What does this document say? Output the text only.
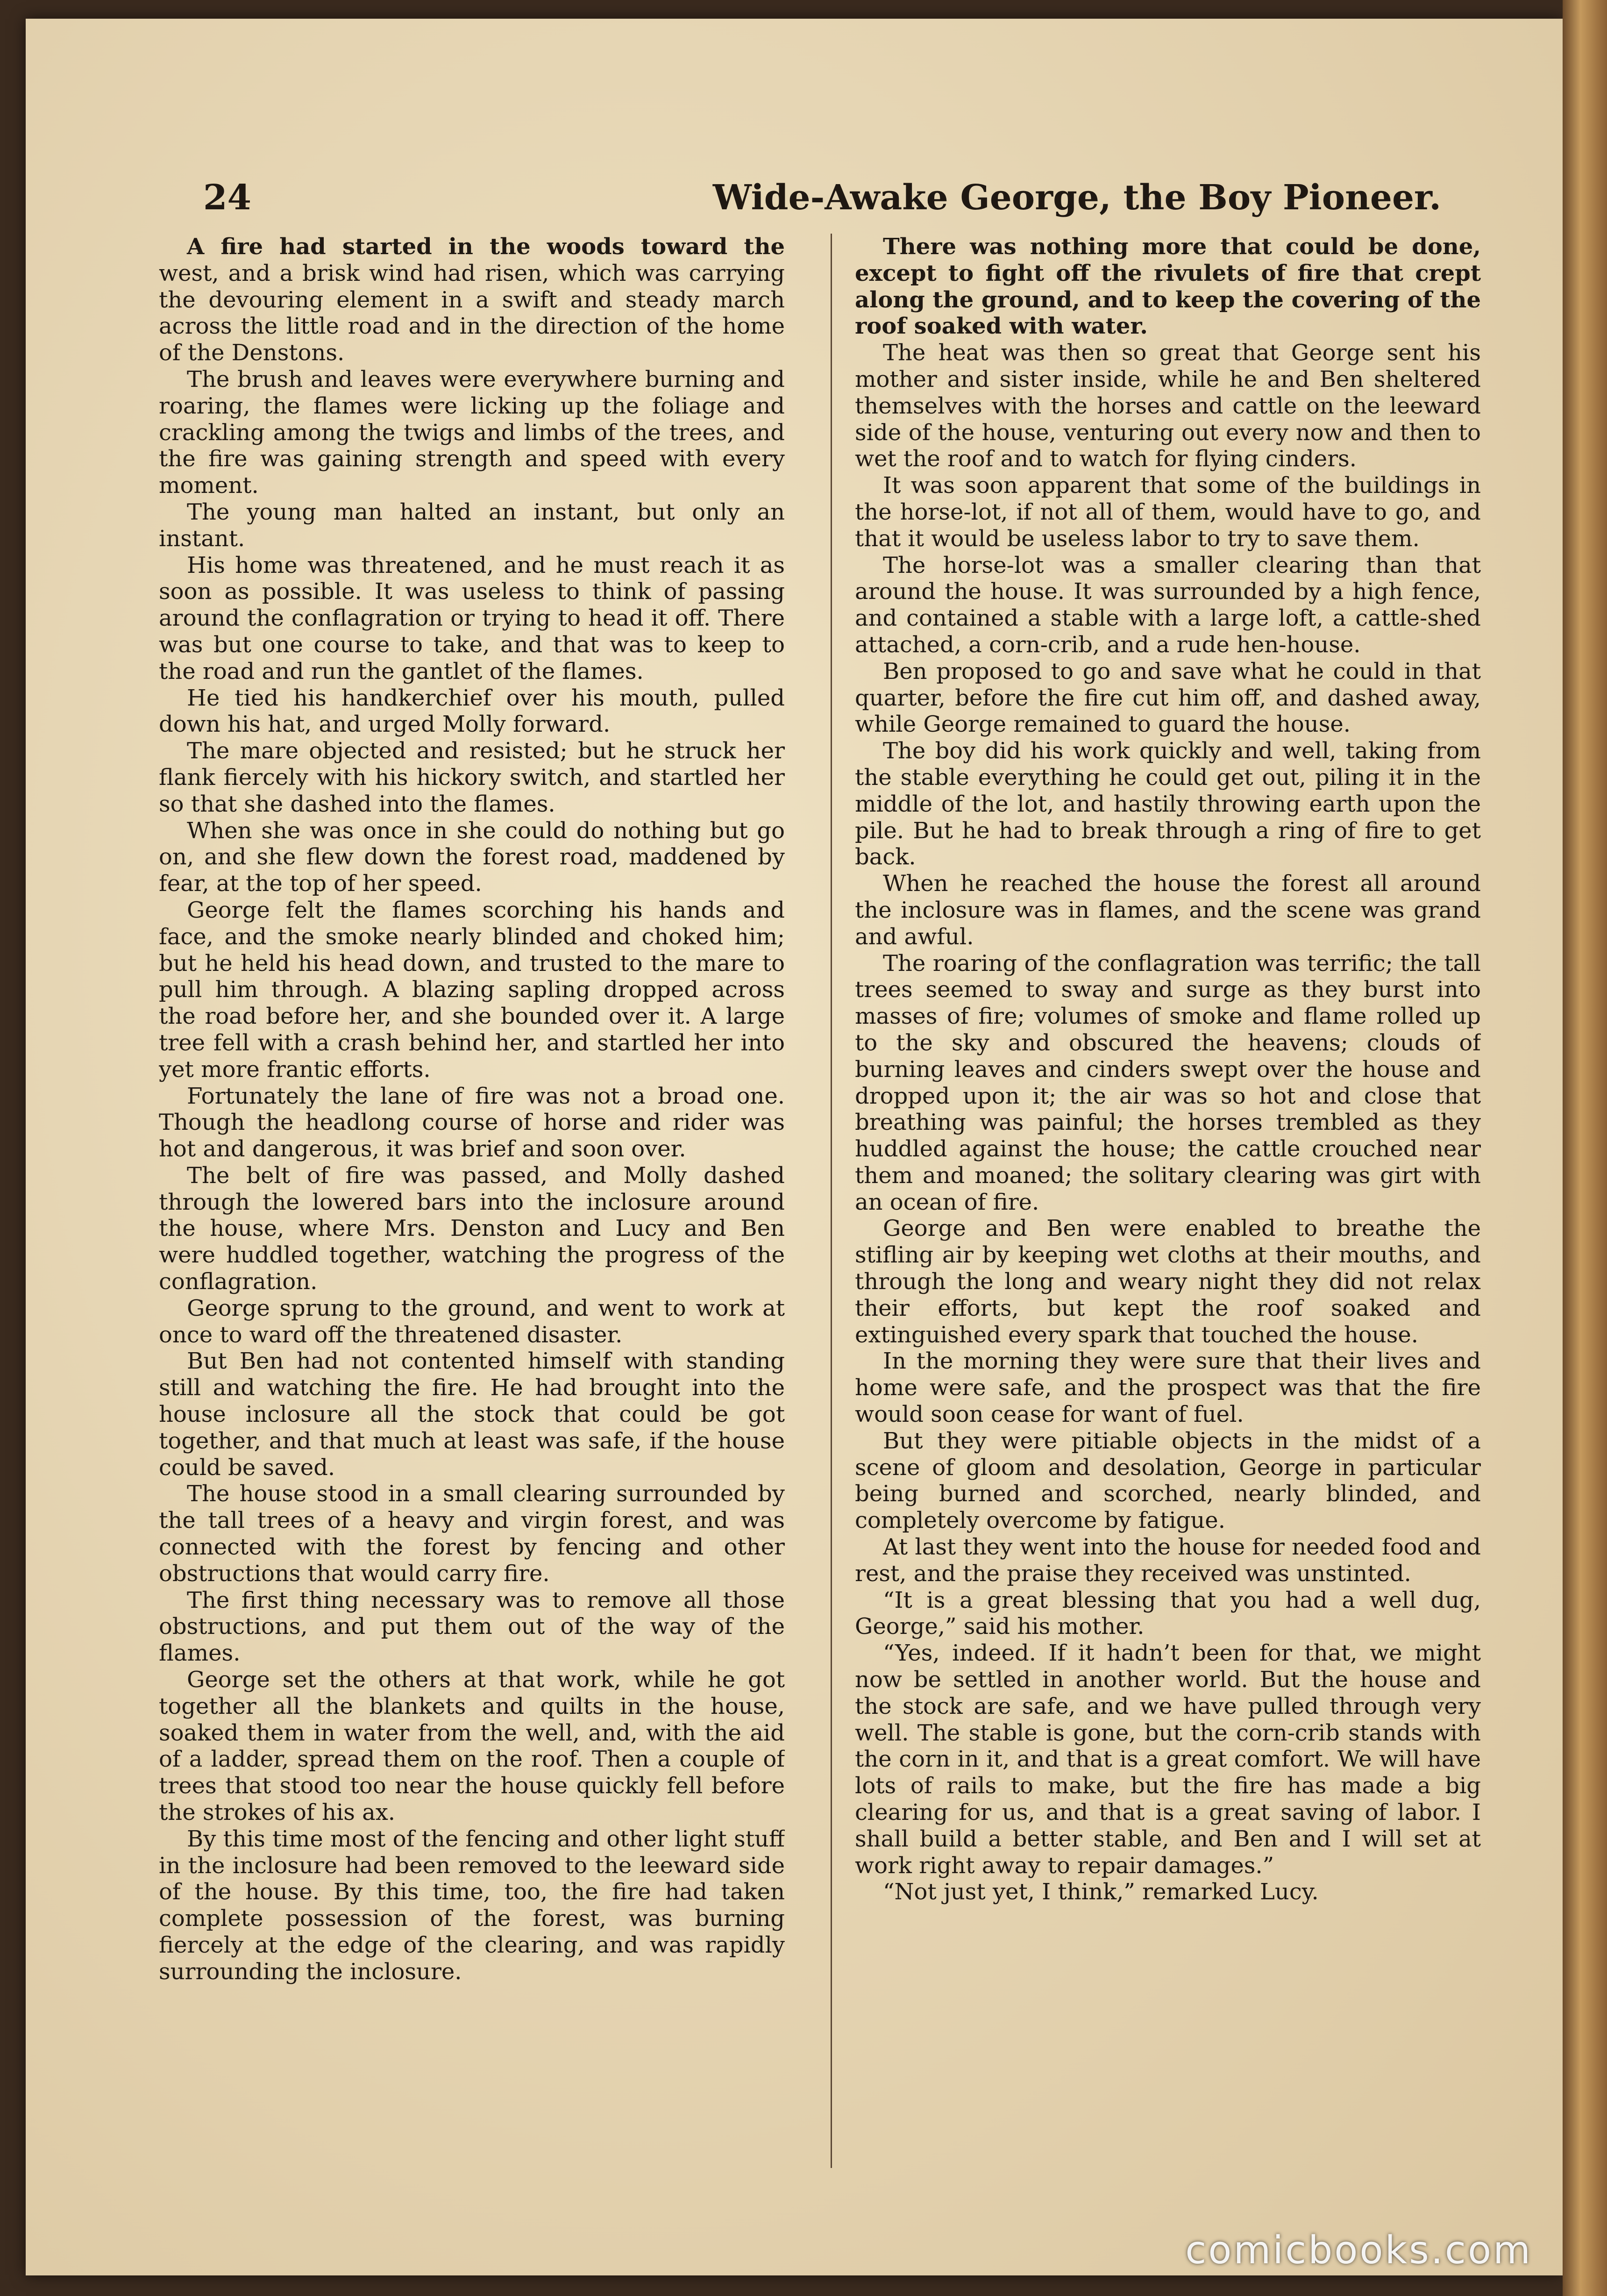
24	Wide-Awake George, the Boy Pioneer.

A fire had started in the woods toward the west, and a brisk wind had risen, which was carrying the devouring element in a swift and steady march across the little road and in the direction of the home of the Denstons.

The brush and leaves were everywhere burning and roaring, the flames were licking up the foliage and crackling among the twigs and limbs of the trees, and the fire was gaining strength and speed with every moment.

The young man halted an instant, but only an instant.

His home was threatened, and he must reach it as soon as possible. It was useless to think of passing around the conflagration or trying to head it off. There was but one course to take, and that was to keep to the road and run the gantlet of the flames.

He tied his handkerchief over his mouth, pulled down his hat, and urged Molly forward.

The mare objected and resisted; but he struck her flank fiercely with his hickory switch, and startled her so that she dashed into the flames.

When she was once in she could do nothing but go on, and she flew down the forest road, maddened by fear, at the top of her speed.

George felt the flames scorching his hands and face, and the smoke nearly blinded and choked him; but he held his head down, and trusted to the mare to pull him through. A blazing sapling dropped across the road before her, and she bounded over it. A large tree fell with a crash behind her, and startled her into yet more frantic efforts.

Fortunately the lane of fire was not a broad one. Though the headlong course of horse and rider was hot and dangerous, it was brief and soon over.

The belt of fire was passed, and Molly dashed through the lowered bars into the inclosure around the house, where Mrs. Denston and Lucy and Ben were huddled together, watching the progress of the conflagration.

George sprung to the ground, and went to work at once to ward off the threatened disaster.

But Ben had not contented himself with standing still and watching the fire. He had brought into the house inclosure all the stock that could be got together, and that much at least was safe, if the house could be saved.

The house stood in a small clearing surrounded by the tall trees of a heavy and virgin forest, and was connected with the forest by fencing and other obstructions that would carry fire.

The first thing necessary was to remove all those obstructions, and put them out of the way of the flames.

George set the others at that work, while he got together all the blankets and quilts in the house, soaked them in water from the well, and, with the aid of a ladder, spread them on the roof. Then a couple of trees that stood too near the house quickly fell before the strokes of his ax.

By this time most of the fencing and other light stuff in the inclosure had been removed to the leeward side of the house. By this time, too, the fire had taken complete possession of the forest, was burning fiercely at the edge of the clearing, and was rapidly surrounding the inclosure.

There was nothing more that could be done, except to fight off the rivulets of fire that crept along the ground, and to keep the covering of the roof soaked with water.

The heat was then so great that George sent his mother and sister inside, while he and Ben sheltered themselves with the horses and cattle on the leeward side of the house, venturing out every now and then to wet the roof and to watch for flying cinders.

It was soon apparent that some of the buildings in the horse-lot, if not all of them, would have to go, and that it would be useless labor to try to save them.

The horse-lot was a smaller clearing than that around the house. It was surrounded by a high fence, and contained a stable with a large loft, a cattle-shed attached, a corn-crib, and a rude hen-house.

Ben proposed to go and save what he could in that quarter, before the fire cut him off, and dashed away, while George remained to guard the house.

The boy did his work quickly and well, taking from the stable everything he could get out, piling it in the middle of the lot, and hastily throwing earth upon the pile. But he had to break through a ring of fire to get back.

When he reached the house the forest all around the inclosure was in flames, and the scene was grand and awful.

The roaring of the conflagration was terrific; the tall trees seemed to sway and surge as they burst into masses of fire; volumes of smoke and flame rolled up to the sky and obscured the heavens; clouds of burning leaves and cinders swept over the house and dropped upon it; the air was so hot and close that breathing was painful; the horses trembled as they huddled against the house; the cattle crouched near them and moaned; the solitary clearing was girt with an ocean of fire.

George and Ben were enabled to breathe the stifling air by keeping wet cloths at their mouths, and through the long and weary night they did not relax their efforts, but kept the roof soaked and extinguished every spark that touched the house.

In the morning they were sure that their lives and home were safe, and the prospect was that the fire would soon cease for want of fuel.

But they were pitiable objects in the midst of a scene of gloom and desolation, George in particular being burned and scorched, nearly blinded, and completely overcome by fatigue.

At last they went into the house for needed food and rest, and the praise they received was unstinted.

“It is a great blessing that you had a well dug, George,” said his mother.

“Yes, indeed. If it hadn’t been for that, we might now be settled in another world. But the house and the stock are safe, and we have pulled through very well. The stable is gone, but the corn-crib stands with the corn in it, and that is a great comfort. We will have lots of rails to make, but the fire has made a big clearing for us, and that is a great saving of labor. I shall build a better stable, and Ben and I will set at work right away to repair damages.”

“Not just yet, I think,” remarked Lucy.

comicbooks.com
